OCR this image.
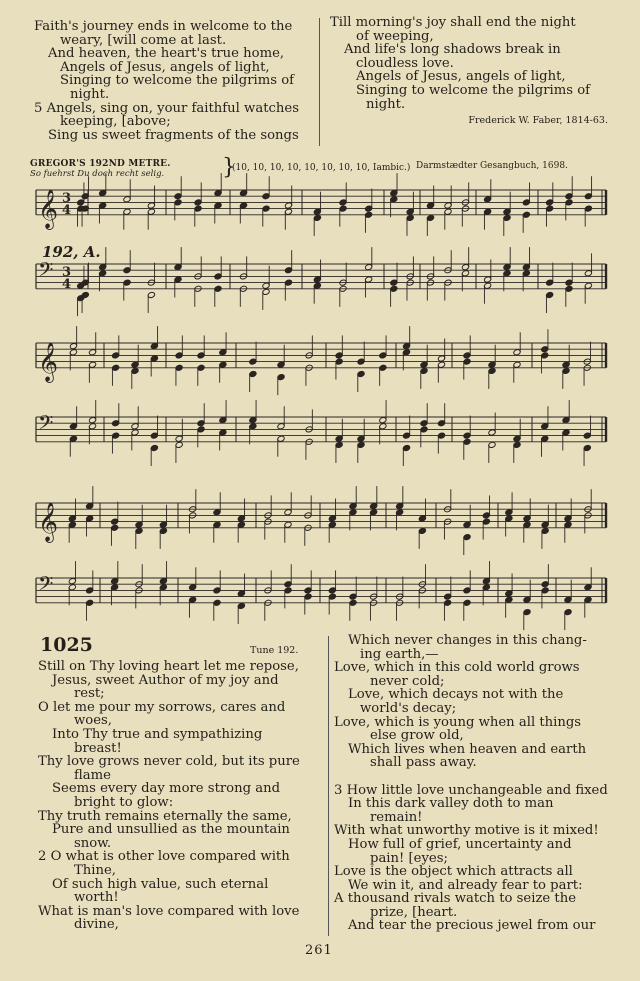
Faith's journey ends in welcome to the
weary, [will come at last.
And heaven, the heart's true home,
Angels of Jesus, angels of light,
Singing to welcome the pilgrims of
night.
5 Angels, sing on, your faithful watches
keeping, [above;
Sing us sweet fragments of the songs
Till morning's joy shall end the night
of weeping,
And life's long shadows break in
cloudless love.
Angels of Jesus, angels of light,
Singing to welcome the pilgrims of
night.
Frederick W. Faber, 1814-63.
GREGOR'S 192ND METRE.
So fuehrst Du doch recht selig.
(10, 10, 10, 10, 10, 10, 10, 10, Iambic.) Darmstædter Gesangbuch, 1698.
}
𝄞 3
4
𝄢 3
4
𝄞
𝄢
𝄞
𝄢
192, A.
1025	Tune 192.
Still on Thy loving heart let me repose,
Jesus, sweet Author of my joy and
rest;
O let me pour my sorrows, cares and
woes,
Into Thy true and sympathizing
breast!
Thy love grows never cold, but its pure
flame
Seems every day more strong and
bright to glow:
Thy truth remains eternally the same,
Pure and unsullied as the mountain
snow.
2 O what is other love compared with
Thine,
Of such high value, such eternal
worth!
What is man's love compared with love
divine,
Which never changes in this chang-
ing earth,—
Love, which in this cold world grows
never cold;
Love, which decays not with the
world's decay;
Love, which is young when all things
else grow old,
Which lives when heaven and earth
shall pass away.

3 How little love unchangeable and fixed
In this dark valley doth to man
remain!
With what unworthy motive is it mixed!
How full of grief, uncertainty and
pain! [eyes;
Love is the object which attracts all
We win it, and already fear to part:
A thousand rivals watch to seize the
prize, [heart.
And tear the precious jewel from our
261
